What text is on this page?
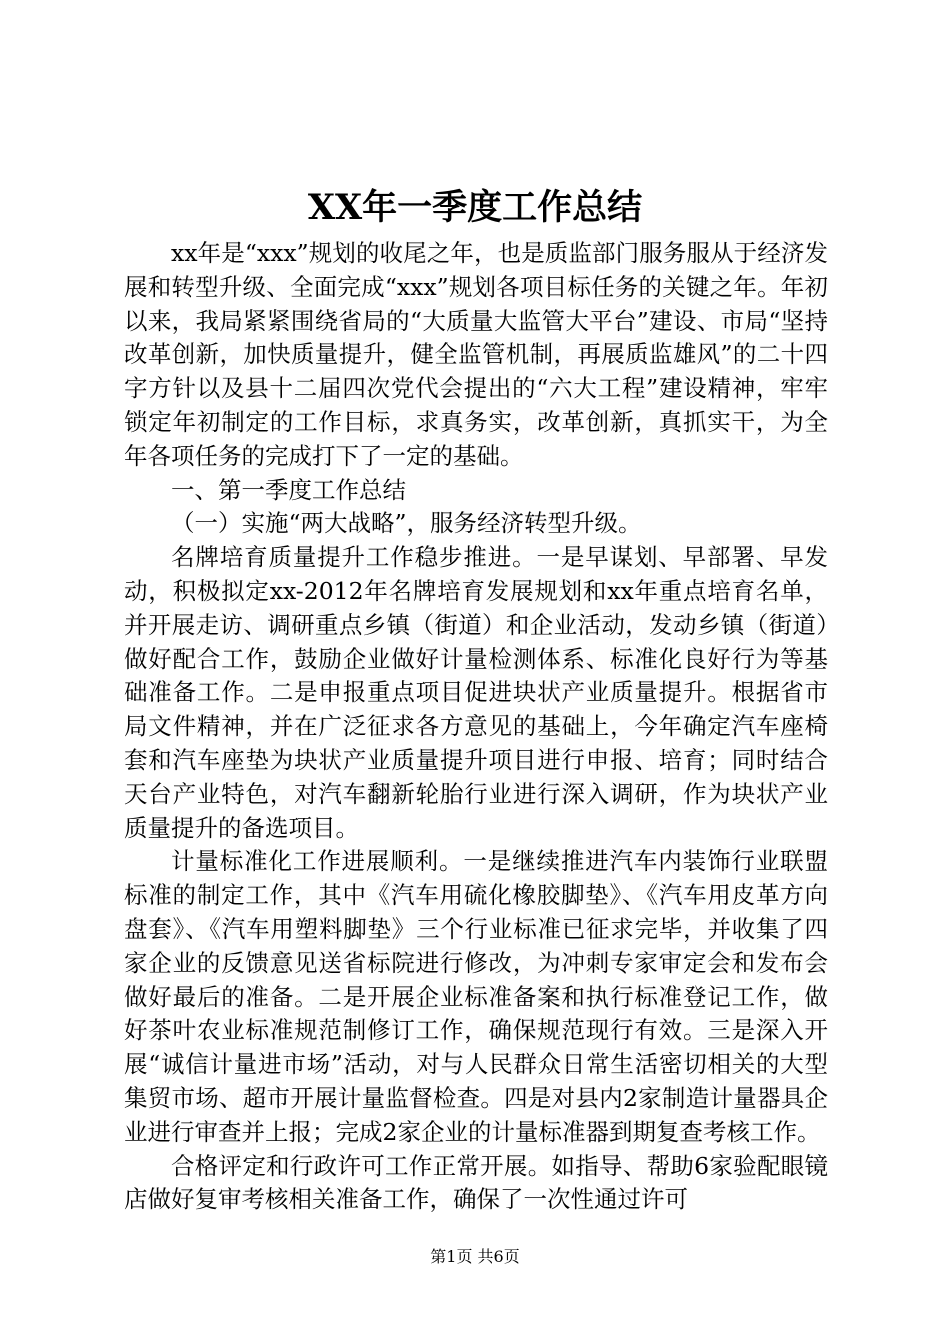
XX年一季度工作总结

xx年是“xxx”规划的收尾之年，也是质监部门服务服从于经济发展和转型升级、全面完成“xxx”规划各项目标任务的关键之年。年初以来，我局紧紧围绕省局的“大质量大监管大平台”建设、市局“坚持改革创新，加快质量提升，健全监管机制，再展质监雄风”的二十四字方针以及县十二届四次党代会提出的“六大工程”建设精神，牢牢锁定年初制定的工作目标，求真务实，改革创新，真抓实干，为全年各项任务的完成打下了一定的基础。

一、第一季度工作总结

（一）实施“两大战略”，服务经济转型升级。

名牌培育质量提升工作稳步推进。一是早谋划、早部署、早发动，积极拟定xx-2012年名牌培育发展规划和xx年重点培育名单，并开展走访、调研重点乡镇（街道）和企业活动，发动乡镇（街道）做好配合工作，鼓励企业做好计量检测体系、标准化良好行为等基础准备工作。二是申报重点项目促进块状产业质量提升。根据省市局文件精神，并在广泛征求各方意见的基础上，今年确定汽车座椅套和汽车座垫为块状产业质量提升项目进行申报、培育；同时结合天台产业特色，对汽车翻新轮胎行业进行深入调研，作为块状产业质量提升的备选项目。

计量标准化工作进展顺利。一是继续推进汽车内装饰行业联盟标准的制定工作，其中《汽车用硫化橡胶脚垫》、《汽车用皮革方向盘套》、《汽车用塑料脚垫》三个行业标准已征求完毕，并收集了四家企业的反馈意见送省标院进行修改，为冲刺专家审定会和发布会做好最后的准备。二是开展企业标准备案和执行标准登记工作，做好茶叶农业标准规范制修订工作，确保规范现行有效。三是深入开展“诚信计量进市场”活动，对与人民群众日常生活密切相关的大型集贸市场、超市开展计量监督检查。四是对县内2家制造计量器具企业进行审查并上报；完成2家企业的计量标准器到期复查考核工作。

合格评定和行政许可工作正常开展。如指导、帮助6家验配眼镜店做好复审考核相关准备工作，确保了一次性通过许可

第1页 共6页
